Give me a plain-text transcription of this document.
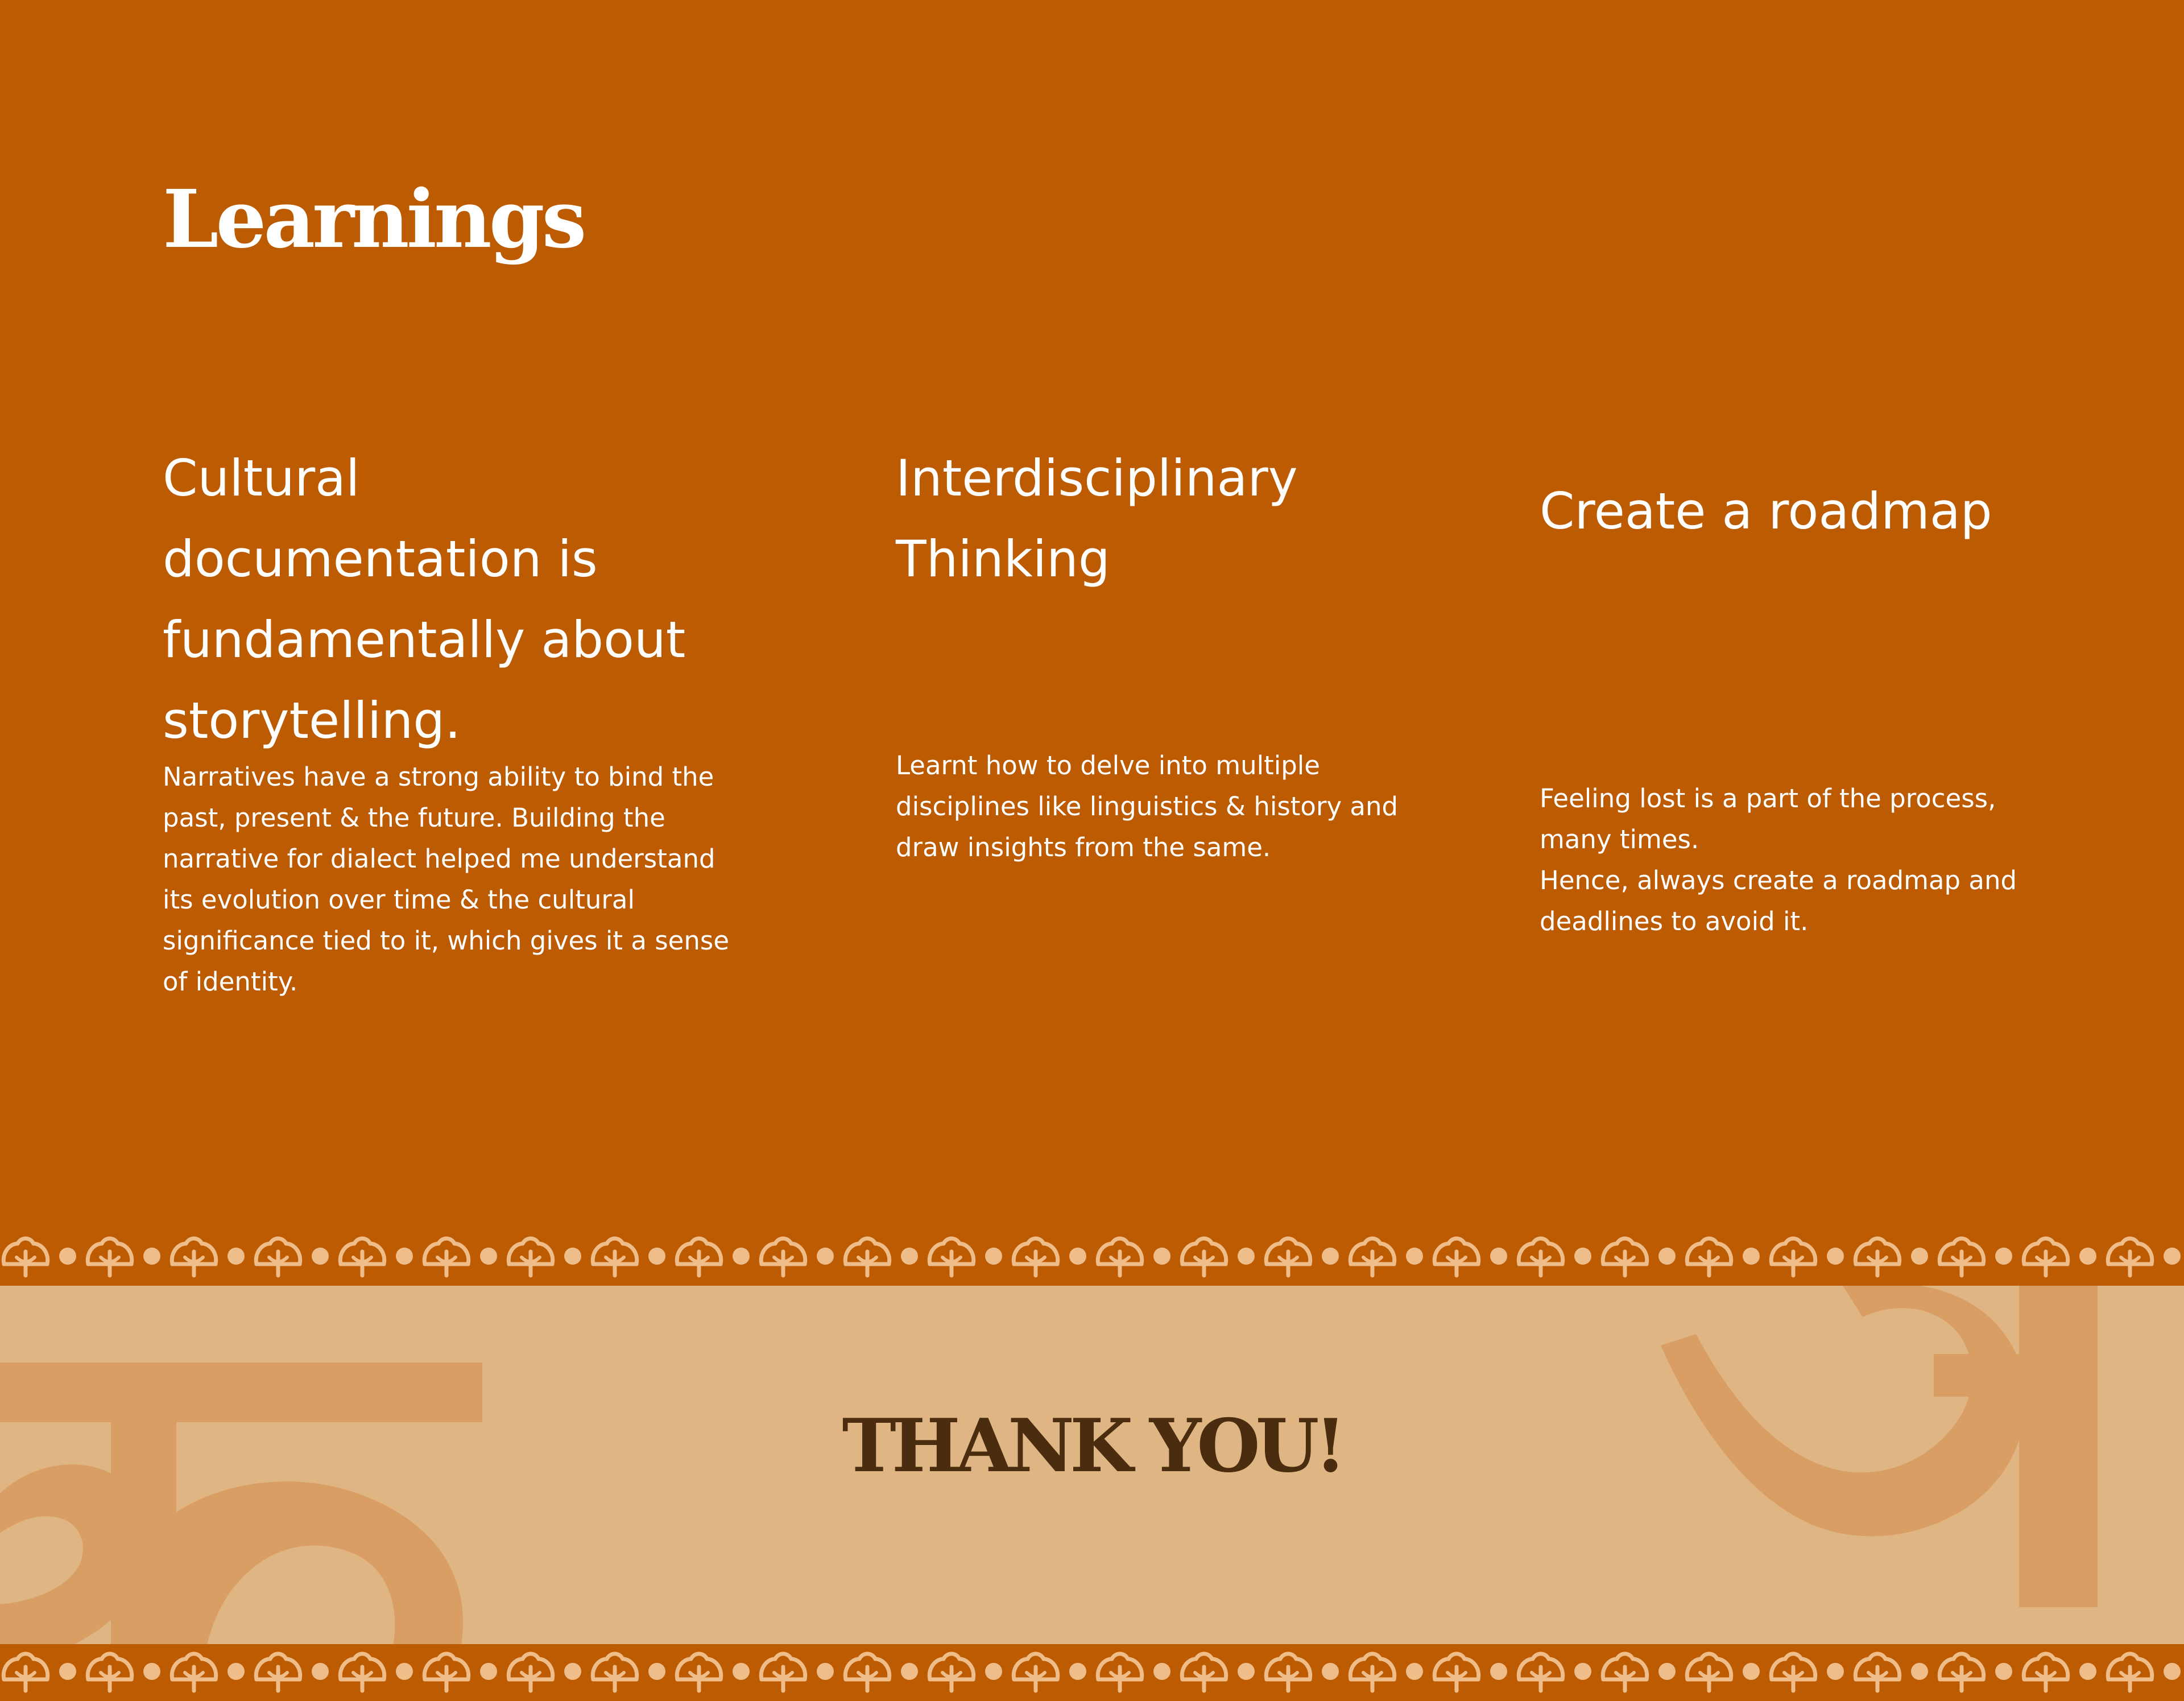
Learnings
Cultural documentation is fundamentally about storytelling.

Narratives have a strong ability to bind the past, present & the future. Building the narrative for dialect helped me understand its evolution over time & the cultural significance tied to it, which gives it a sense of identity.

Interdisciplinary Thinking

Learnt how to delve into multiple disciplines like linguistics & history and draw insights from the same.

Create a roadmap

Feeling lost is a part of the process, many times.
Hence, always create a roadmap and deadlines to avoid it.

THANK YOU!
